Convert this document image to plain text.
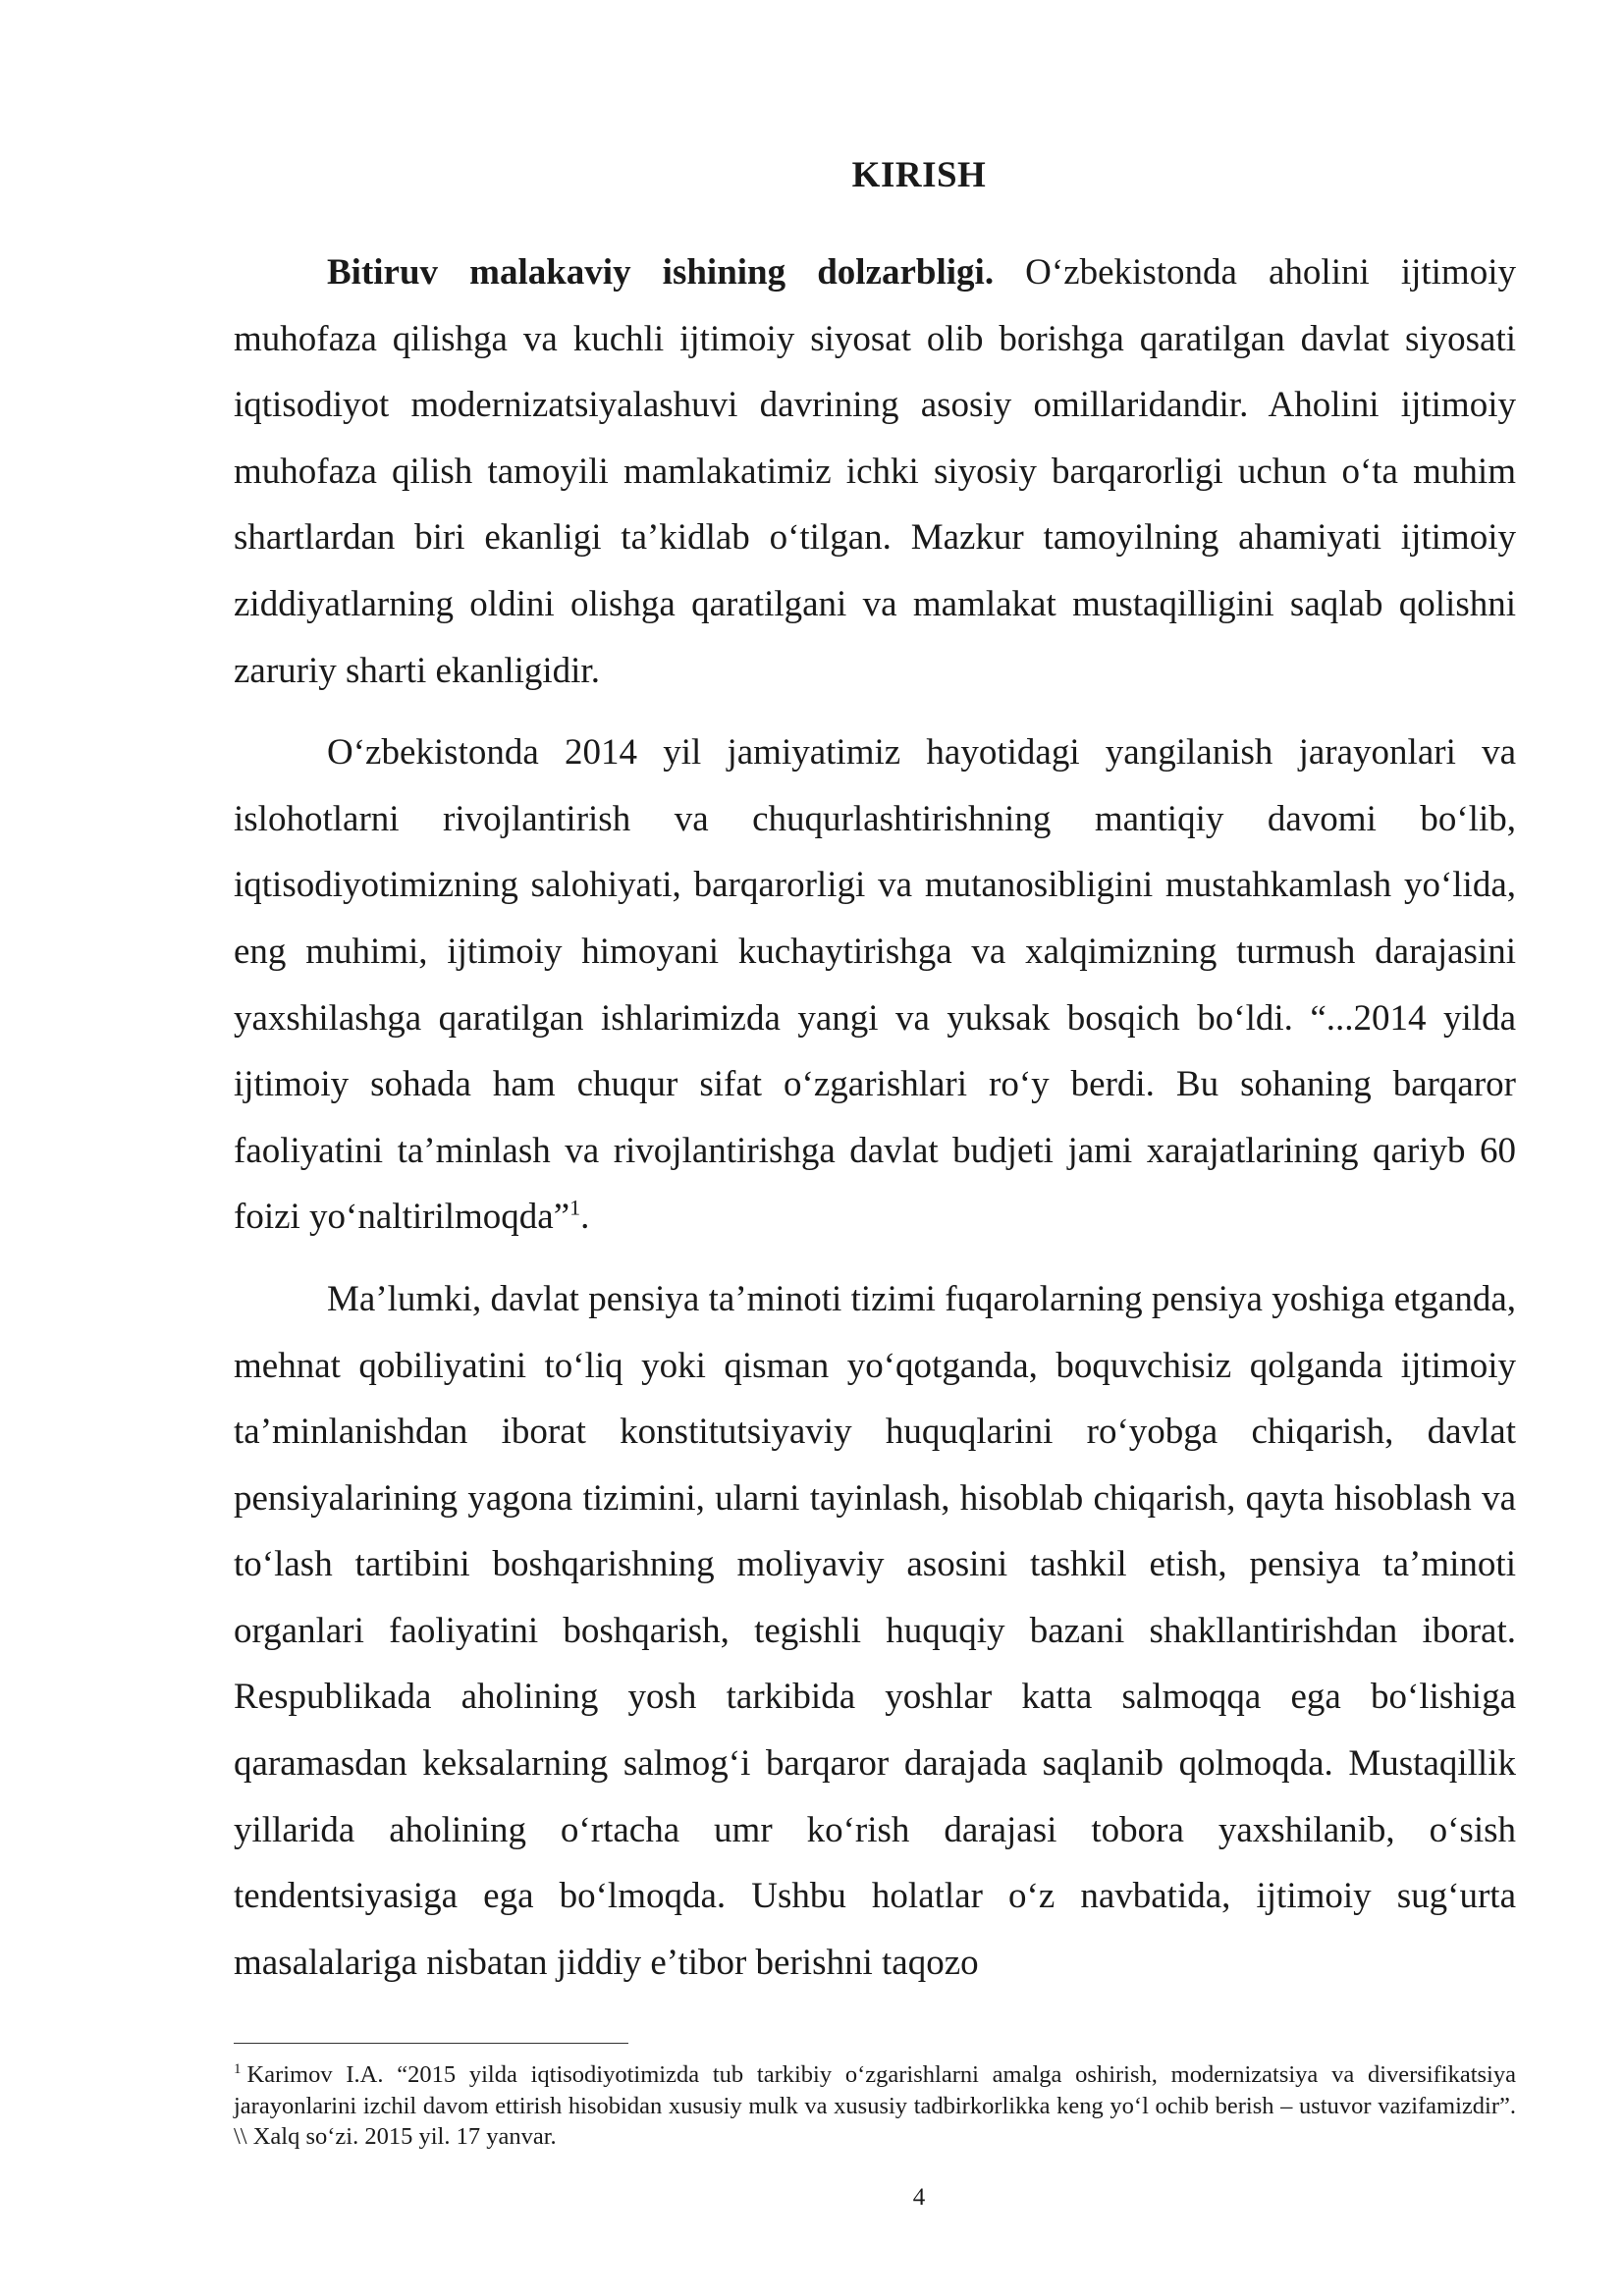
KIRISH

Bitiruv malakaviy ishining dolzarbligi. O‘zbekistonda aholini ijtimoiy muhofaza qilishga va kuchli ijtimoiy siyosat olib borishga qaratilgan davlat siyosati iqtisodiyot modernizatsiyalashuvi davrining asosiy omillaridandir. Aholini ijtimoiy muhofaza qilish tamoyili mamlakatimiz ichki siyosiy barqarorligi uchun o‘ta muhim shartlardan biri ekanligi ta’kidlab o‘tilgan. Mazkur tamoyilning ahamiyati ijtimoiy ziddiyatlarning oldini olishga qaratilgani va mamlakat mustaqilligini saqlab qolishni zaruriy sharti ekanligidir.

O‘zbekistonda 2014 yil jamiyatimiz hayotidagi yangilanish jarayonlari va islohotlarni rivojlantirish va chuqurlashtirishning mantiqiy davomi bo‘lib, iqtisodiyotimizning salohiyati, barqarorligi va mutanosibligini mustahkamlash yo‘lida, eng muhimi, ijtimoiy himoyani kuchaytirishga va xalqimizning turmush darajasini yaxshilashga qaratilgan ishlarimizda yangi va yuksak bosqich bo‘ldi. “...2014 yilda ijtimoiy sohada ham chuqur sifat o‘zgarishlari ro‘y berdi. Bu sohaning barqaror faoliyatini ta’minlash va rivojlantirishga davlat budjeti jami xarajatlarining qariyb 60 foizi yo‘naltirilmoqda”$^1$.

Ma’lumki, davlat pensiya ta’minoti tizimi fuqarolarning pensiya yoshiga etganda, mehnat qobiliyatini to‘liq yoki qisman yo‘qotganda, boquvchisiz qolganda ijtimoiy ta’minlanishdan iborat konstitutsiyaviy huquqlarini ro‘yobga chiqarish, davlat pensiyalarining yagona tizimini, ularni tayinlash, hisoblab chiqarish, qayta hisoblash va to‘lash tartibini boshqarishning moliyaviy asosini tashkil etish, pensiya ta’minoti organlari faoliyatini boshqarish, tegishli huquqiy bazani shakllantirishdan iborat. Respublikada aholining yosh tarkibida yoshlar katta salmoqqa ega bo‘lishiga qaramasdan keksalarning salmog‘i barqaror darajada saqlanib qolmoqda. Mustaqillik yillarida aholining o‘rtacha umr ko‘rish darajasi tobora yaxshilanib, o‘sish tendentsiyasiga ega bo‘lmoqda. Ushbu holatlar o‘z navbatida, ijtimoiy sug‘urta masalalariga nisbatan jiddiy e’tibor berishni taqozo

$^1$ Karimov I.A. “2015 yilda iqtisodiyotimizda tub tarkibiy o‘zgarishlarni amalga oshirish, modernizatsiya va diversifikatsiya jarayonlarini izchil davom ettirish hisobidan xususiy mulk va xususiy tadbirkorlikka keng yo‘l ochib berish – ustuvor vazifamizdir”. \\ Xalq so‘zi. 2015 yil. 17 yanvar.

4
